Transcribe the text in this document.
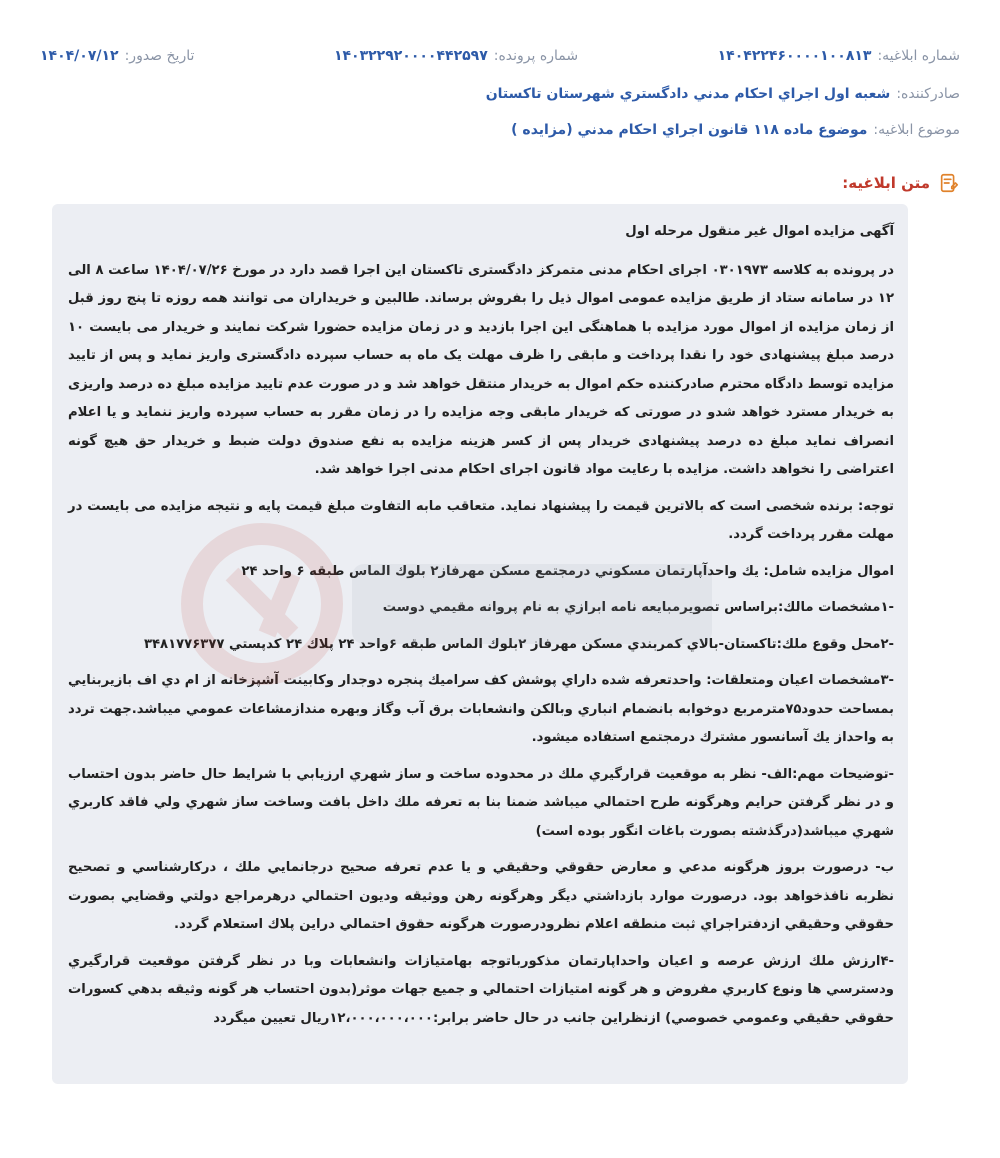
شماره ابلاغیه:۱۴۰۴۲۲۴۶۰۰۰۰۱۰۰۸۱۳
شماره پرونده:۱۴۰۳۲۲۹۲۰۰۰۰۴۴۲۵۹۷
تاریخ صدور:۱۴۰۴/۰۷/۱۲
صادرکننده:شعبه اول اجراي احكام مدني دادگستري شهرستان تاكستان
موضوع ابلاغیه:موضوع ماده ۱۱۸ قانون اجراي احكام مدني (مزايده )
متن ابلاغیه:

آگهی مزایده اموال غیر منقول مرحله اول

در پرونده به کلاسه ۰۳۰۱۹۷۳ اجرای احکام مدنی متمرکز دادگستری تاکستان این اجرا قصد دارد در مورخ ۱۴۰۴/۰۷/۲۶ ساعت ۸ الی ۱۲ در سامانه ستاد از طریق مزایده عمومی اموال ذیل را بفروش برساند. طالبین و خریداران می توانند همه روزه تا پنج روز قبل از زمان مزایده از اموال مورد مزایده با هماهنگی این اجرا بازدید و در زمان مزایده حضورا شرکت نمایند و خریدار می بایست ۱۰ درصد مبلغ پیشنهادی خود را نقدا پرداخت و مابقی را ظرف مهلت یک ماه به حساب سپرده دادگستری واریز نماید و پس از تایید مزایده توسط دادگاه محترم صادرکننده حکم اموال به خریدار منتقل خواهد شد و در صورت عدم تایید مزایده مبلغ ده درصد واریزی به خریدار مسترد خواهد شدو در صورتی که خریدار مابقی وجه مزایده را در زمان مقرر به حساب سپرده واریز ننماید و یا اعلام انصراف نماید مبلغ ده درصد پیشنهادی خریدار پس از کسر هزینه مزایده به نفع صندوق دولت ضبط و خریدار حق هیچ گونه اعتراضی را نخواهد داشت. مزایده با رعایت مواد قانون اجرای احکام مدنی اجرا خواهد شد.

توجه: برنده شخصی است که بالاترین قیمت را پیشنهاد نماید. متعاقب مابه التفاوت مبلغ قیمت پایه و نتیجه مزایده می بایست در مهلت مقرر پرداخت گردد.

اموال مزایده شامل: يك واحدآپارتمان مسكوني درمجتمع مسكن مهرفاز۲ بلوك الماس طبقه ۶ واحد ۲۴

-۱مشخصات مالك:براساس تصويرمبايعه نامه ابرازي به نام پروانه مقيمي دوست

-۲محل وقوع ملك:تاكستان-بالاي كمربندي مسكن مهرفاز ۲بلوك الماس طبقه ۶واحد ۲۴ پلاك ۲۴ كدپستي ۳۴۸۱۷۷۶۳۷۷

-۳مشخصات اعيان ومتعلقات: واحدتعرفه شده داراي پوشش كف سراميك پنجره دوجدار وكابينت آشپزخانه از ام دي اف بازيربنايي بمساحت حدود۷۵مترمربع دوخوابه بانضمام انباري وبالكن وانشعابات برق آب وگاز وبهره مندازمشاعات عمومي ميباشد.جهت تردد به واحداز يك آسانسور مشترك درمجتمع استفاده ميشود.

-توضيحات مهم:الف- نظر به موقعيت قرارگيري ملك در محدوده ساخت و ساز شهري ارزيابي با شرايط حال حاضر بدون احتساب و در نظر گرفتن حرايم وهرگونه طرح احتمالي ميباشد ضمنا بنا به تعرفه ملك داخل بافت وساخت ساز شهري ولي فاقد كاربري شهري ميباشد(درگذشته بصورت باغات انگور بوده است)

ب- درصورت بروز هرگونه مدعي و معارض حقوقي وحقيقي و يا عدم تعرفه صحيح درجانمايي ملك ، دركارشناسي و تصحيح نظربه نافذخواهد بود. درصورت موارد بازداشتي ديگر وهرگونه رهن ووثيقه وديون احتمالي درهرمراجع دولتي وقضايي بصورت حقوقي وحقيقي ازدفتراجراي ثبت منطقه اعلام نظرودرصورت هرگونه حقوق احتمالي دراين پلاك استعلام گردد.

-۴ارزش ملك ارزش عرصه و اعيان واحداپارتمان مذكورباتوجه بهامتيازات وانشعابات وبا در نظر گرفتن موقعيت قرارگيري ودسترسي ها ونوع كاربري مفروض و هر گونه امتيازات احتمالي و جميع جهات موثر(بدون احتساب هر گونه وثيقه بدهي كسورات حقوقي حقيقي وعمومي خصوصي) ازنظراين جانب در حال حاضر برابر:۱۲،۰۰۰،۰۰۰،۰۰۰ريال تعيين ميگردد
